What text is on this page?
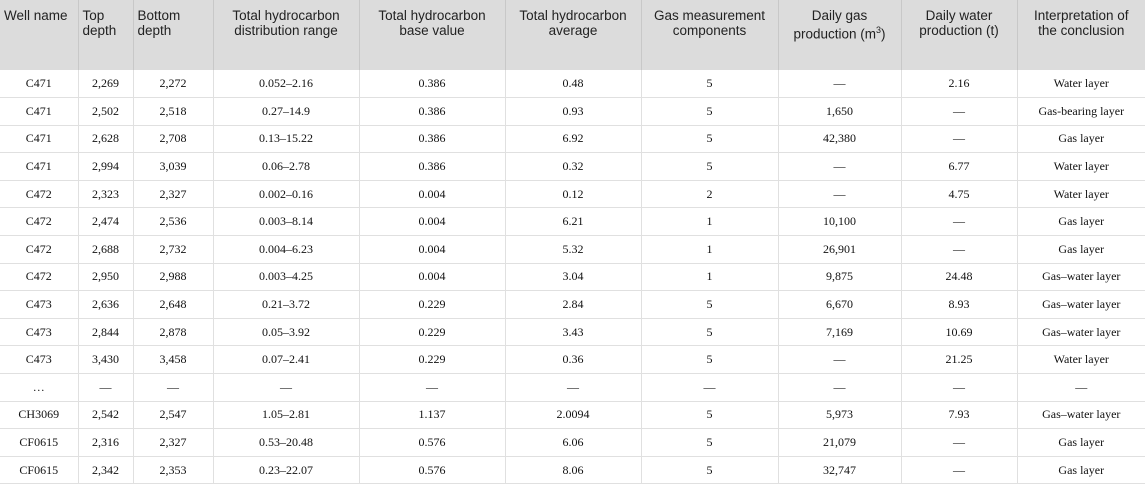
Well name	Top depth	Bottom depth	Total hydrocarbon distribution range	Total hydrocarbon base value	Total hydrocarbon average	Gas measurement components	Daily gas production $(m^3)$	Daily water production (t)	Interpretation of the conclusion
C471	2,269	2,272	0.052–2.16	0.386	0.48	5	—	2.16	Water layer
C471	2,502	2,518	0.27–14.9	0.386	0.93	5	1,650	—	Gas-bearing layer
C471	2,628	2,708	0.13–15.22	0.386	6.92	5	42,380	—	Gas layer
C471	2,994	3,039	0.06–2.78	0.386	0.32	5	—	6.77	Water layer
C472	2,323	2,327	0.002–0.16	0.004	0.12	2	—	4.75	Water layer
C472	2,474	2,536	0.003–8.14	0.004	6.21	1	10,100	—	Gas layer
C472	2,688	2,732	0.004–6.23	0.004	5.32	1	26,901	—	Gas layer
C472	2,950	2,988	0.003–4.25	0.004	3.04	1	9,875	24.48	Gas–water layer
C473	2,636	2,648	0.21–3.72	0.229	2.84	5	6,670	8.93	Gas–water layer
C473	2,844	2,878	0.05–3.92	0.229	3.43	5	7,169	10.69	Gas–water layer
C473	3,430	3,458	0.07–2.41	0.229	0.36	5	—	21.25	Water layer
…	—	—	—	—	—	—	—	—	—
CH3069	2,542	2,547	1.05–2.81	1.137	2.0094	5	5,973	7.93	Gas–water layer
CF0615	2,316	2,327	0.53–20.48	0.576	6.06	5	21,079	—	Gas layer
CF0615	2,342	2,353	0.23–22.07	0.576	8.06	5	32,747	—	Gas layer
